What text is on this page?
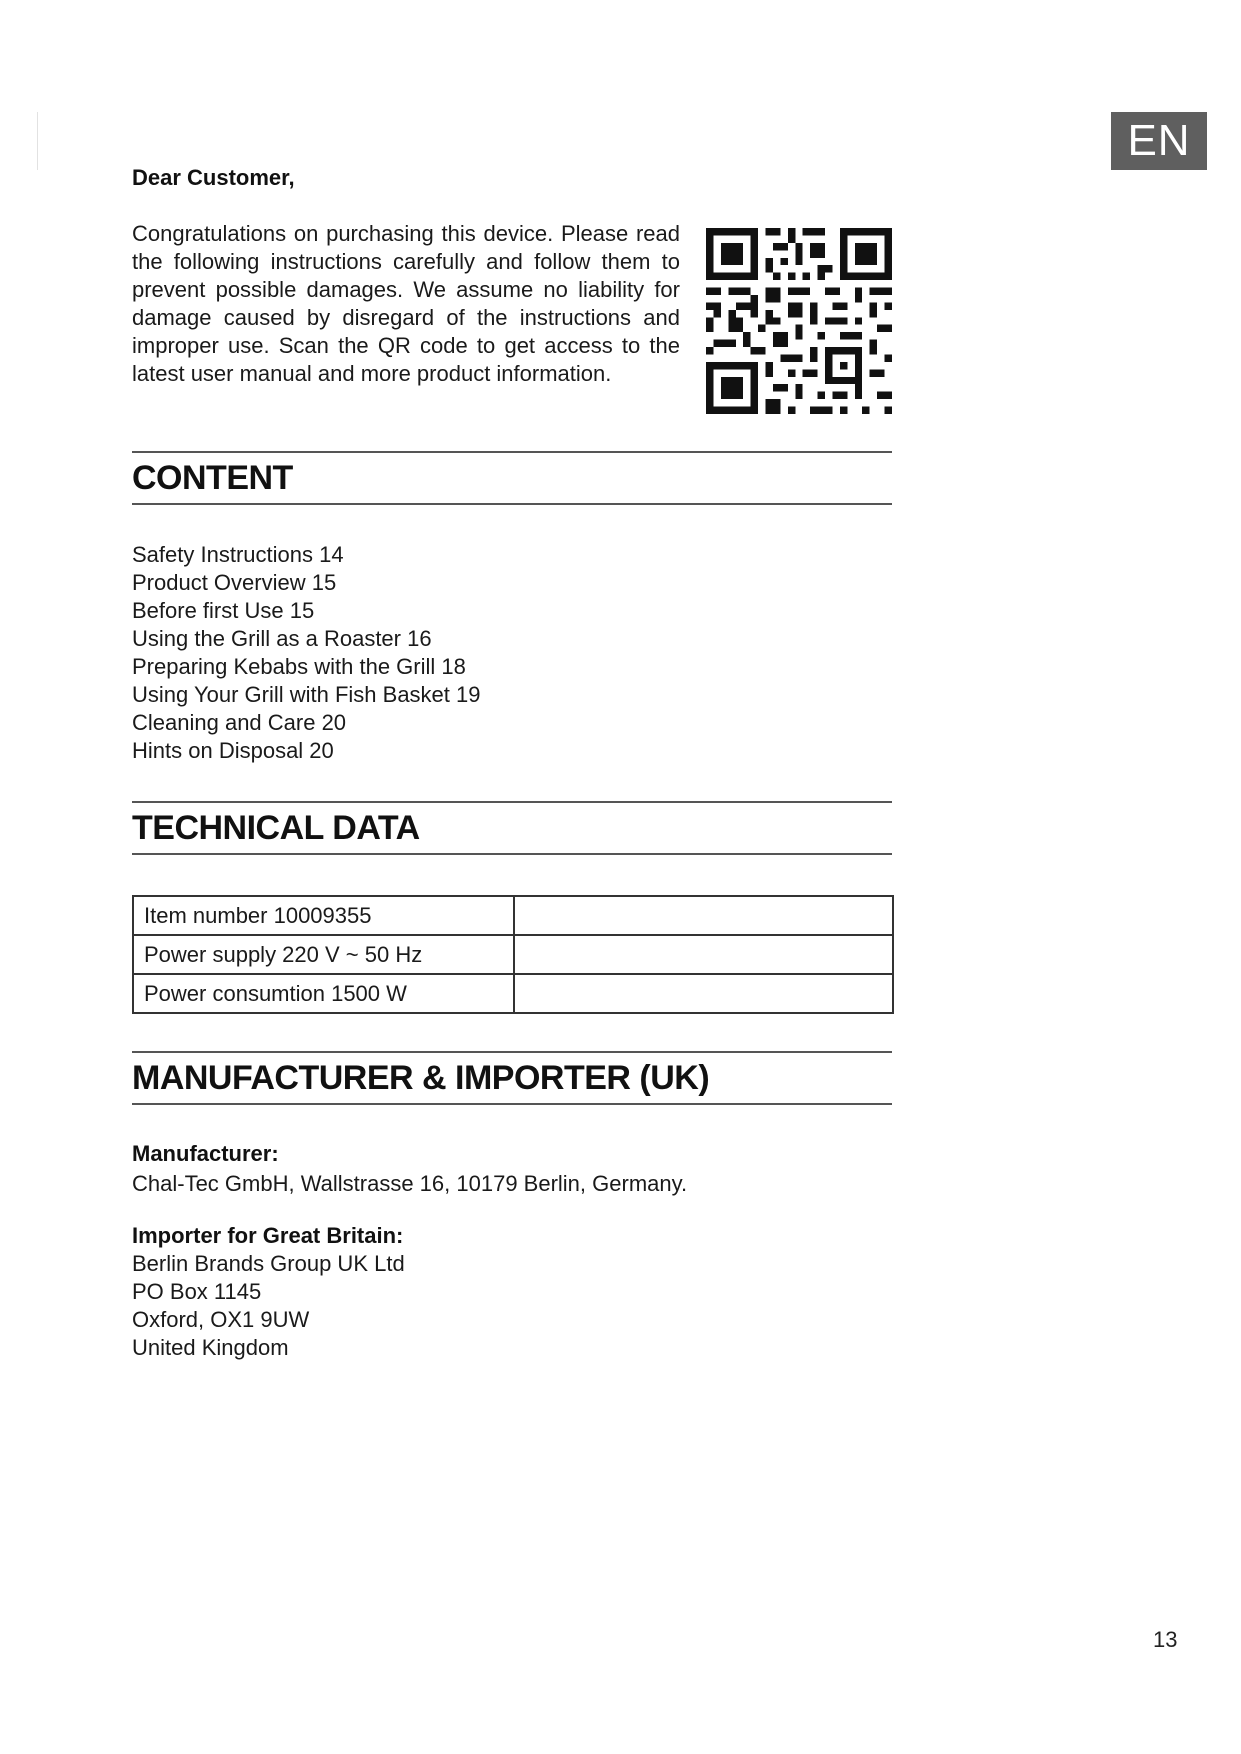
EN
Dear Customer,
Congratulations on purchasing this device. Please read the following instructions carefully and follow them to prevent possible damages. We assume no liability for damage caused by disregard of the instructions and improper use. Scan the QR code to get access to the latest user manual and more product information.
CONTENT
Safety Instructions 14
Product Overview 15
Before first Use 15
Using the Grill as a Roaster 16
Preparing Kebabs with the Grill 18
Using Your Grill with Fish Basket 19
Cleaning and Care 20
Hints on Disposal 20
TECHNICAL DATA
Item number 10009355	
Power supply 220 V ~ 50 Hz	
Power consumtion 1500 W	
MANUFACTURER & IMPORTER (UK)
Manufacturer:
Chal-Tec GmbH, Wallstrasse 16, 10179 Berlin, Germany.
Importer for Great Britain:
Berlin Brands Group UK Ltd
PO Box 1145
Oxford, OX1 9UW
United Kingdom
13
